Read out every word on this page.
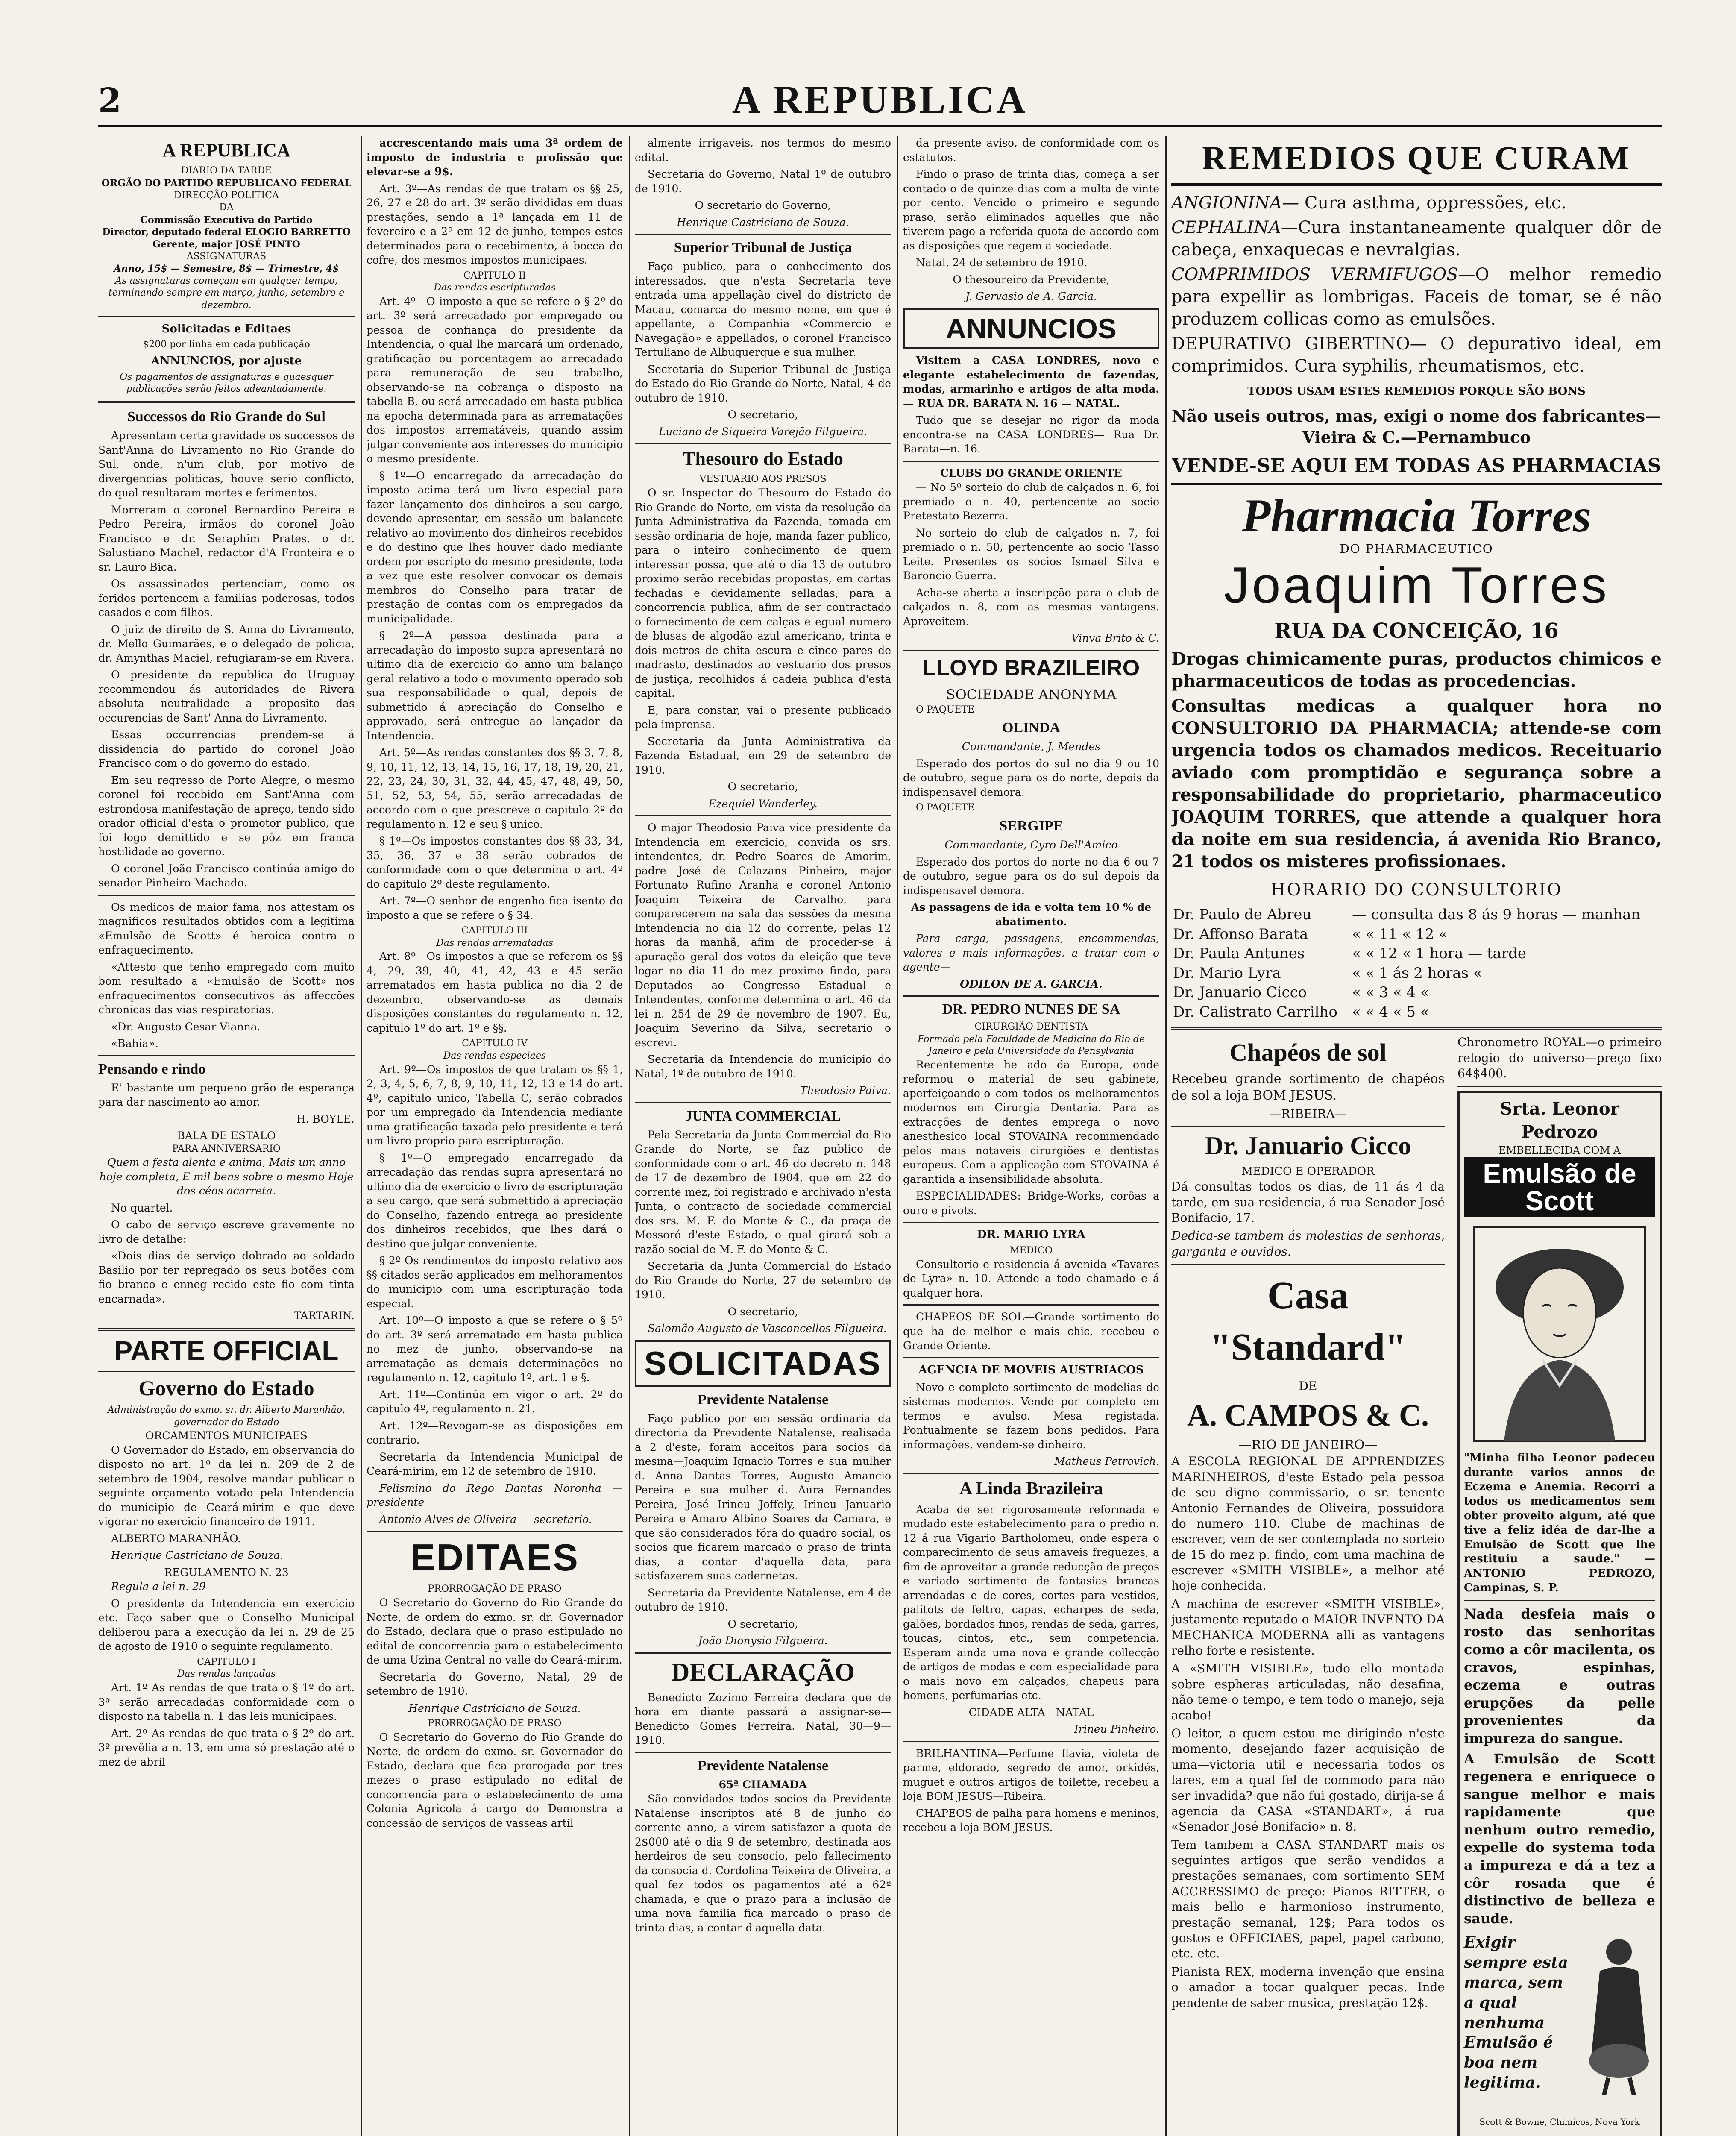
2	A REPUBLICA
A REPUBLICA
DIARIO DA TARDE
ORGÃO DO PARTIDO REPUBLICANO FEDERAL
DIRECÇÃO POLITICA
DA
Commissão Executiva do Partido
Director, deputado federal ELOGIO BARRETTO
Gerente, major JOSÉ PINTO
ASSIGNATURAS
Anno, 15$ — Semestre, 8$ — Trimestre, 4$
As assignaturas começam em qualquer tempo, terminando sempre em março, junho, setembro e dezembro.
Solicitadas e Editaes
$200 por linha em cada publicação
ANNUNCIOS, por ajuste
Os pagamentos de assignaturas e quaesquer publicações serão feitos adeantadamente.
Successos do Rio Grande do Sul

Apresentam certa gravidade os successos de Sant'Anna do Livramento no Rio Grande do Sul, onde, n'um club, por motivo de divergencias politicas, houve serio conflicto, do qual resultaram mortes e ferimentos.

Morreram o coronel Bernardino Pereira e Pedro Pereira, irmãos do coronel João Francisco e dr. Seraphim Prates, o dr. Salustiano Machel, redactor d'A Fronteira e o sr. Lauro Bica.

Os assassinados pertenciam, como os feridos pertencem a familias poderosas, todos casados e com filhos.

O juiz de direito de S. Anna do Livramento, dr. Mello Guimarães, e o delegado de policia, dr. Amynthas Maciel, refugiaram-se em Rivera.

O presidente da republica do Uruguay recommendou ás autoridades de Rivera absoluta neutralidade a proposito das occurencias de Sant' Anna do Livramento.

Essas occurrencias prendem-se á dissidencia do partido do coronel João Francisco com o do governo do estado.

Em seu regresso de Porto Alegre, o mesmo coronel foi recebido em Sant'Anna com estrondosa manifestação de apreço, tendo sido orador official d'esta o promotor publico, que foi logo demittido e se pôz em franca hostilidade ao governo.

O coronel João Francisco continúa amigo do senador Pinheiro Machado.

Os medicos de maior fama, nos attestam os magnificos resultados obtidos com a legitima «Emulsão de Scott» é heroica contra o enfraquecimento.

«Attesto que tenho empregado com muito bom resultado a «Emulsão de Scott» nos enfraquecimentos consecutivos ás affecções chronicas das vias respiratorias.

«Dr. Augusto Cesar Vianna.

«Bahia».

Pensando e rindo

E' bastante um pequeno grão de esperança para dar nascimento ao amor.

H. BOYLE.

BALA DE ESTALO
PARA ANNIVERSARIO

Quem a festa alenta e anima, Mais um anno hoje completa, E mil bens sobre o mesmo Hoje dos céos acarreta.

No quartel.

O cabo de serviço escreve gravemente no livro de detalhe:

«Dois dias de serviço dobrado ao soldado Basilio por ter repregado os seus botões com fio branco e enneg recido este fio com tinta encarnada».

TARTARIN.

PARTE OFFICIAL
Governo do Estado
Administração do exmo. sr. dr. Alberto Maranhão, governador do Estado
ORÇAMENTOS MUNICIPAES

O Governador do Estado, em observancia do disposto no art. 1º da lei n. 209 de 2 de setembro de 1904, resolve mandar publicar o seguinte orçamento votado pela Intendencia do municipio de Ceará-mirim e que deve vigorar no exercicio financeiro de 1911.

ALBERTO MARANHÃO.

Henrique Castriciano de Souza.

REGULAMENTO N. 23

Regula a lei n. 29

O presidente da Intendencia em exercicio etc. Faço saber que o Conselho Municipal deliberou para a execução da lei n. 29 de 25 de agosto de 1910 o seguinte regulamento.

CAPITULO I
Das rendas lançadas

Art. 1º As rendas de que trata o § 1º do art. 3º serão arrecadadas conformidade com o disposto na tabella n. 1 das leis municipaes.

Art. 2º As rendas de que trata o § 2º do art. 3º prevêlia a n. 13, em uma só prestação até o mez de abril

accrescentando mais uma 3ª ordem de imposto de industria e profissão que elevar-se a 9$.

Art. 3º—As rendas de que tratam os §§ 25, 26, 27 e 28 do art. 3º serão divididas em duas prestações, sendo a 1ª lançada em 11 de fevereiro e a 2ª em 12 de junho, tempos estes determinados para o recebimento, á bocca do cofre, dos mesmos impostos municipaes.

CAPITULO II
Das rendas escripturadas

Art. 4º—O imposto a que se refere o § 2º do art. 3º será arrecadado por empregado ou pessoa de confiança do presidente da Intendencia, o qual lhe marcará um ordenado, gratificação ou porcentagem ao arrecadado para remuneração de seu trabalho, observando-se na cobrança o disposto na tabella B, ou será arrecadado em hasta publica na epocha determinada para as arrematações dos impostos arrematáveis, quando assim julgar conveniente aos interesses do municipio o mesmo presidente.

§ 1º—O encarregado da arrecadação do imposto acima terá um livro especial para fazer lançamento dos dinheiros a seu cargo, devendo apresentar, em sessão um balancete relativo ao movimento dos dinheiros recebidos e do destino que lhes houver dado mediante ordem por escripto do mesmo presidente, toda a vez que este resolver convocar os demais membros do Conselho para tratar de prestação de contas com os empregados da municipalidade.

§ 2º—A pessoa destinada para a arrecadação do imposto supra apresentará no ultimo dia de exercicio do anno um balanço geral relativo a todo o movimento operado sob sua responsabilidade o qual, depois de submettido á apreciação do Conselho e approvado, será entregue ao lançador da Intendencia.

Art. 5º—As rendas constantes dos §§ 3, 7, 8, 9, 10, 11, 12, 13, 14, 15, 16, 17, 18, 19, 20, 21, 22, 23, 24, 30, 31, 32, 44, 45, 47, 48, 49, 50, 51, 52, 53, 54, 55, serão arrecadadas de accordo com o que prescreve o capitulo 2º do regulamento n. 12 e seu § unico.

§ 1º—Os impostos constantes dos §§ 33, 34, 35, 36, 37 e 38 serão cobrados de conformidade com o que determina o art. 4º do capitulo 2º deste regulamento.

Art. 7º—O senhor de engenho fica isento do imposto a que se refere o § 34.

CAPITULO III
Das rendas arrematadas

Art. 8º—Os impostos a que se referem os §§ 4, 29, 39, 40, 41, 42, 43 e 45 serão arrematados em hasta publica no dia 2 de dezembro, observando-se as demais disposições constantes do regulamento n. 12, capitulo 1º do art. 1º e §§.

CAPITULO IV
Das rendas especiaes

Art. 9º—Os impostos de que tratam os §§ 1, 2, 3, 4, 5, 6, 7, 8, 9, 10, 11, 12, 13 e 14 do art. 4º, capitulo unico, Tabella C, serão cobrados por um empregado da Intendencia mediante uma gratificação taxada pelo presidente e terá um livro proprio para escripturação.

§ 1º—O empregado encarregado da arrecadação das rendas supra apresentará no ultimo dia de exercicio o livro de escripturação a seu cargo, que será submettido á apreciação do Conselho, fazendo entrega ao presidente dos dinheiros recebidos, que lhes dará o destino que julgar conveniente.

§ 2º Os rendimentos do imposto relativo aos §§ citados serão applicados em melhoramentos do municipio com uma escripturação toda especial.

Art. 10º—O imposto a que se refere o § 5º do art. 3º será arrematado em hasta publica no mez de junho, observando-se na arrematação as demais determinações no regulamento n. 12, capitulo 1º, art. 1 e §.

Art. 11º—Continúa em vigor o art. 2º do capitulo 4º, regulamento n. 21.

Art. 12º—Revogam-se as disposições em contrario.

Secretaria da Intendencia Municipal de Ceará-mirim, em 12 de setembro de 1910.

Felismino do Rego Dantas Noronha — presidente

Antonio Alves de Oliveira — secretario.

EDITAES
PRORROGAÇÃO DE PRASO

O Secretario do Governo do Rio Grande do Norte, de ordem do exmo. sr. dr. Governador do Estado, declara que o praso estipulado no edital de concorrencia para o estabelecimento de uma Uzina Central no valle do Ceará-mirim.

Secretaria do Governo, Natal, 29 de setembro de 1910.

Henrique Castriciano de Souza.

PRORROGAÇÃO DE PRASO

O Secretario do Governo do Rio Grande do Norte, de ordem do exmo. sr. Governador do Estado, declara que fica prorogado por tres mezes o praso estipulado no edital de concorrencia para o estabelecimento de uma Colonia Agricola á cargo do Demonstra a concessão de serviços de vasseas artil

almente irrigaveis, nos termos do mesmo edital.

Secretaria do Governo, Natal 1º de outubro de 1910.

O secretario do Governo,

Henrique Castriciano de Souza.

Superior Tribunal de Justiça

Faço publico, para o conhecimento dos interessados, que n'esta Secretaria teve entrada uma appellação civel do districto de Macau, comarca do mesmo nome, em que é appellante, a Companhia «Commercio e Navegação» e appellados, o coronel Francisco Tertuliano de Albuquerque e sua mulher.

Secretaria do Superior Tribunal de Justiça do Estado do Rio Grande do Norte, Natal, 4 de outubro de 1910.

O secretario,

Luciano de Siqueira Varejão Filgueira.

Thesouro do Estado
VESTUARIO AOS PRESOS

O sr. Inspector do Thesouro do Estado do Rio Grande do Norte, em vista da resolução da Junta Administrativa da Fazenda, tomada em sessão ordinaria de hoje, manda fazer publico, para o inteiro conhecimento de quem interessar possa, que até o dia 13 de outubro proximo serão recebidas propostas, em cartas fechadas e devidamente selladas, para a concorrencia publica, afim de ser contractado o fornecimento de cem calças e egual numero de blusas de algodão azul americano, trinta e dois metros de chita escura e cinco pares de madrasto, destinados ao vestuario dos presos de justiça, recolhidos á cadeia publica d'esta capital.

E, para constar, vai o presente publicado pela imprensa.

Secretaria da Junta Administrativa da Fazenda Estadual, em 29 de setembro de 1910.

O secretario,

Ezequiel Wanderley.

O major Theodosio Paiva vice presidente da Intendencia em exercicio, convida os srs. intendentes, dr. Pedro Soares de Amorim, padre José de Calazans Pinheiro, major Fortunato Rufino Aranha e coronel Antonio Joaquim Teixeira de Carvalho, para comparecerem na sala das sessões da mesma Intendencia no dia 12 do corrente, pelas 12 horas da manhã, afim de proceder-se á apuração geral dos votos da eleição que teve logar no dia 11 do mez proximo findo, para Deputados ao Congresso Estadual e Intendentes, conforme determina o art. 46 da lei n. 254 de 29 de novembro de 1907. Eu, Joaquim Severino da Silva, secretario o escrevi.

Secretaria da Intendencia do municipio do Natal, 1º de outubro de 1910.

Theodosio Paiva.

JUNTA COMMERCIAL

Pela Secretaria da Junta Commercial do Rio Grande do Norte, se faz publico de conformidade com o art. 46 do decreto n. 148 de 17 de dezembro de 1904, que em 22 do corrente mez, foi registrado e archivado n'esta Junta, o contracto de sociedade commercial dos srs. M. F. do Monte & C., da praça de Mossoró d'este Estado, o qual girará sob a razão social de M. F. do Monte & C.

Secretaria da Junta Commercial do Estado do Rio Grande do Norte, 27 de setembro de 1910.

O secretario,

Salomão Augusto de Vasconcellos Filgueira.

SOLICITADAS
Previdente Natalense

Faço publico por em sessão ordinaria da directoria da Previdente Natalense, realisada a 2 d'este, foram acceitos para socios da mesma—Joaquim Ignacio Torres e sua mulher d. Anna Dantas Torres, Augusto Amancio Pereira e sua mulher d. Aura Fernandes Pereira, José Irineu Joffely, Irineu Januario Pereira e Amaro Albino Soares da Camara, e que são considerados fóra do quadro social, os socios que ficarem marcado o praso de trinta dias, a contar d'aquella data, para satisfazerem suas cadernetas.

Secretaria da Previdente Natalense, em 4 de outubro de 1910.

O secretario,

João Dionysio Filgueira.

DECLARAÇÃO

Benedicto Zozimo Ferreira declara que de hora em diante passará a assignar-se—Benedicto Gomes Ferreira. Natal, 30—9—1910.

Previdente Natalense
65ª CHAMADA

São convidados todos socios da Previdente Natalense inscriptos até 8 de junho do corrente anno, a virem satisfazer a quota de 2$000 até o dia 9 de setembro, destinada aos herdeiros de seu consocio, pelo fallecimento da consocia d. Cordolina Teixeira de Oliveira, a qual fez todos os pagamentos até a 62ª chamada, e que o prazo para a inclusão de uma nova familia fica marcado o praso de trinta dias, a contar d'aquella data.

da presente aviso, de conformidade com os estatutos.

Findo o praso de trinta dias, começa a ser contado o de quinze dias com a multa de vinte por cento. Vencido o primeiro e segundo praso, serão eliminados aquelles que não tiverem pago a referida quota de accordo com as disposições que regem a sociedade.

Natal, 24 de setembro de 1910.

O thesoureiro da Previdente,

J. Gervasio de A. Garcia.

ANNUNCIOS

Visitem a CASA LONDRES, novo e elegante estabelecimento de fazendas, modas, armarinho e artigos de alta moda. — RUA DR. BARATA N. 16 — NATAL.

Tudo que se desejar no rigor da moda encontra-se na CASA LONDRES— Rua Dr. Barata—n. 16.

CLUBS DO GRANDE ORIENTE

— No 5º sorteio do club de calçados n. 6, foi premiado o n. 40, pertencente ao socio Pretestato Bezerra.

No sorteio do club de calçados n. 7, foi premiado o n. 50, pertencente ao socio Tasso Leite. Presentes os socios Ismael Silva e Baroncio Guerra.

Acha-se aberta a inscripção para o club de calçados n. 8, com as mesmas vantagens. Aproveitem.

Vinva Brito & C.

LLOYD BRAZILEIRO
SOCIEDADE ANONYMA

O PAQUETE

OLINDA

Commandante, J. Mendes

Esperado dos portos do sul no dia 9 ou 10 de outubro, segue para os do norte, depois da indispensavel demora.

O PAQUETE

SERGIPE

Commandante, Cyro Dell'Amico

Esperado dos portos do norte no dia 6 ou 7 de outubro, segue para os do sul depois da indispensavel demora.

As passagens de ida e volta tem 10 % de abatimento.

Para carga, passagens, encommendas, valores e mais informações, a tratar com o agente—

ODILON DE A. GARCIA.

DR. PEDRO NUNES DE SA
CIRURGIÃO DENTISTA
Formado pela Faculdade de Medicina do Rio de Janeiro e pela Universidade da Pensylvania

Recentemente he ado da Europa, onde reformou o material de seu gabinete, aperfeiçoando-o com todos os melhoramentos modernos em Cirurgia Dentaria. Para as extracções de dentes emprega o novo anesthesico local STOVAINA recommendado pelos mais notaveis cirurgiões e dentistas europeus. Com a applicação com STOVAINA é garantida a insensibilidade absoluta.

ESPECIALIDADES: Bridge-Works, corôas a ouro e pivots.

DR. MARIO LYRA
MEDICO

Consultorio e residencia á avenida «Tavares de Lyra» n. 10. Attende a todo chamado e á qualquer hora.

CHAPEOS DE SOL—Grande sortimento do que ha de melhor e mais chic, recebeu o Grande Oriente.

AGENCIA DE MOVEIS AUSTRIACOS

Novo e completo sortimento de modelias de sistemas modernos. Vende por completo em termos e avulso. Mesa registada. Pontualmente se fazem bons pedidos. Para informações, vendem-se dinheiro.

Matheus Petrovich.

A Linda Brazileira

Acaba de ser rigorosamente reformada e mudado este estabelecimento para o predio n. 12 á rua Vigario Bartholomeu, onde espera o comparecimento de seus amaveis freguezes, a fim de aproveitar a grande reducção de preços e variado sortimento de fantasias brancas arrendadas e de cores, cortes para vestidos, palitots de feltro, capas, echarpes de seda, galões, bordados finos, rendas de seda, garres, toucas, cintos, etc., sem competencia. Esperam ainda uma nova e grande collecção de artigos de modas e com especialidade para o mais novo em calçados, chapeus para homens, perfumarias etc.

CIDADE ALTA—NATAL

Irineu Pinheiro.

BRILHANTINA—Perfume flavia, violeta de parme, eldorado, segredo de amor, orkidés, muguet e outros artigos de toilette, recebeu a loja BOM JESUS—Ribeira.

CHAPEOS de palha para homens e meninos, recebeu a loja BOM JESUS.

REMEDIOS QUE CURAM

ANGIONINA— Cura asthma, oppressões, etc.

CEPHALINA—Cura instantaneamente qualquer dôr de cabeça, enxaquecas e nevralgias.

COMPRIMIDOS VERMIFUGOS—O melhor remedio para expellir as lombrigas. Faceis de tomar, se é não produzem collicas como as emulsões.

DEPURATIVO GIBERTINO— O depurativo ideal, em comprimidos. Cura syphilis, rheumatismos, etc.

TODOS USAM ESTES REMEDIOS PORQUE SÃO BONS

Não useis outros, mas, exigi o nome dos fabricantes—Vieira & C.—Pernambuco

VENDE-SE AQUI EM TODAS AS PHARMACIAS
Pharmacia Torres
DO PHARMACEUTICO
Joaquim Torres
RUA DA CONCEIÇÃO, 16

Drogas chimicamente puras, productos chimicos e pharmaceuticos de todas as procedencias.

Consultas medicas a qualquer hora no CONSULTORIO DA PHARMACIA; attende-se com urgencia todos os chamados medicos. Receituario aviado com promptidão e segurança sobre a responsabilidade do proprietario, pharmaceutico JOAQUIM TORRES, que attende a qualquer hora da noite em sua residencia, á avenida Rio Branco, 21 todos os misteres profissionaes.

HORARIO DO CONSULTORIO
Dr. Paulo de Abreu	— consulta das 8 ás 9 horas — manhan
Dr. Affonso Barata	« « 11 « 12 «
Dr. Paula Antunes	« « 12 « 1 hora — tarde
Dr. Mario Lyra	« « 1 ás 2 horas «
Dr. Januario Cicco	« « 3 « 4 «
Dr. Calistrato Carrilho	« « 4 « 5 «
Chapéos de sol

Recebeu grande sortimento de chapéos de sol a loja BOM JESUS.

—RIBEIRA—

Dr. Januario Cicco
MEDICO E OPERADOR

Dá consultas todos os dias, de 11 ás 4 da tarde, em sua residencia, á rua Senador José Bonifacio, 17.

Dedica-se tambem ás molestias de senhoras, garganta e ouvidos.

Casa "Standard"
DE
A. CAMPOS & C.
—RIO DE JANEIRO—

A ESCOLA REGIONAL DE APPRENDIZES MARINHEIROS, d'este Estado pela pessoa de seu digno commissario, o sr. tenente Antonio Fernandes de Oliveira, possuidora do numero 110. Clube de machinas de escrever, vem de ser contemplada no sorteio de 15 do mez p. findo, com uma machina de escrever «SMITH VISIBLE», a melhor até hoje conhecida.

A machina de escrever «SMITH VISIBLE», justamente reputado o MAIOR INVENTO DA MECHANICA MODERNA alli as vantagens relho forte e resistente.

A «SMITH VISIBLE», tudo ello montada sobre espheras articuladas, não desafina, não teme o tempo, e tem todo o manejo, seja acabo!

O leitor, a quem estou me dirigindo n'este momento, desejando fazer acquisição de uma—victoria util e necessaria todos os lares, em a qual fel de commodo para não ser invadida? que não fui gostado, dirija-se á agencia da CASA «STANDART», á rua «Senador José Bonifacio» n. 8.

Tem tambem a CASA STANDART mais os seguintes artigos que serão vendidos a prestações semanaes, com sortimento SEM ACCRESSIMO de preço: Pianos RITTER, o mais bello e harmonioso instrumento, prestação semanal, 12$; Para todos os gostos e OFFICIAES, papel, papel carbono, etc. etc.

Pianista REX, moderna invenção que ensina o amador a tocar qualquer pecas. Inde pendente de saber musica, prestação 12$.

Chronometro ROYAL—o primeiro relogio do universo—preço fixo 64$400.

Srta. Leonor Pedrozo
EMBELLECIDA COM A
Emulsão de Scott

"Minha filha Leonor padeceu durante varios annos de Eczema e Anemia. Recorri a todos os medicamentos sem obter proveito algum, até que tive a feliz idéa de dar-lhe a Emulsão de Scott que lhe restituiu a saude." —ANTONIO PEDROZO, Campinas, S. P.

Nada desfeia mais o rosto das senhoritas como a côr macilenta, os cravos, espinhas, eczema e outras erupções da pelle provenientes da impureza do sangue.

A Emulsão de Scott regenera e enriquece o sangue melhor e mais rapidamente que nenhum outro remedio, expelle do systema toda a impureza e dá a tez a côr rosada que é distinctivo de belleza e saude.

Exigir sempre esta marca, sem a qual nenhuma Emulsão é boa nem legitima.

Scott & Bowne, Chimicos, Nova York
